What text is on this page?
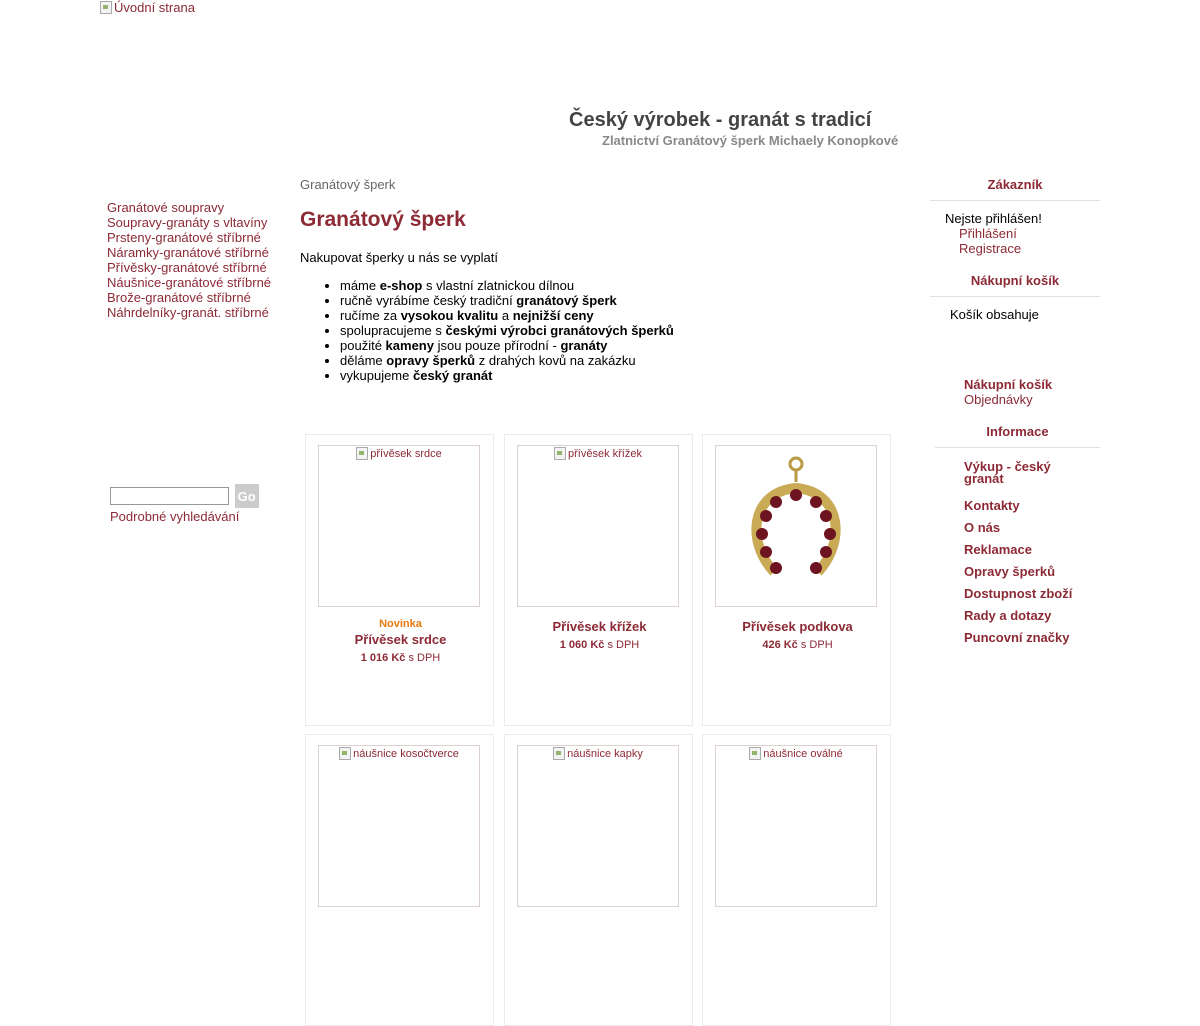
Úvodní strana
Český výrobek - granát s tradicí
Zlatnictví Granátový šperk Michaely Konopkové
Granátové soupravy
Soupravy-granáty s vltavíny
Prsteny-granátové stříbrné
Náramky-granátové stříbrné
Přívěsky-granátové stříbrné
Náušnice-granátové stříbrné
Brože-granátové stříbrné
Náhrdelníky-granát. stříbrné
Go
Podrobné vyhledávání
Granátový šperk
Granátový šperk
Nakupovat šperky u nás se vyplatí
• máme e-shop s vlastní zlatnickou dílnou
• ručně vyrábíme český tradiční granátový šperk
• ručíme za vysokou kvalitu a nejnižší ceny
• spolupracujeme s českými výrobci granátových šperků
• použité kameny jsou pouze přírodní - granáty
• děláme opravy šperků z drahých kovů na zakázku
• vykupujeme český granát
přívěsek srdce
Novinka
Přívěsek srdce
1 016 Kč s DPH
přívěsek křížek
Přívěsek křížek
1 060 Kč s DPH
Přívěsek podkova
426 Kč s DPH
náušnice kosočtverce	náušnice kapky	náušnice oválné
Zákazník
Nejste přihlášen!
Přihlášení
Registrace
Nákupní košík
Košík obsahuje
Nákupní košík
Objednávky
Informace
Výkup - český granát
Kontakty
O nás
Reklamace
Opravy šperků
Dostupnost zboží
Rady a dotazy
Puncovní značky
